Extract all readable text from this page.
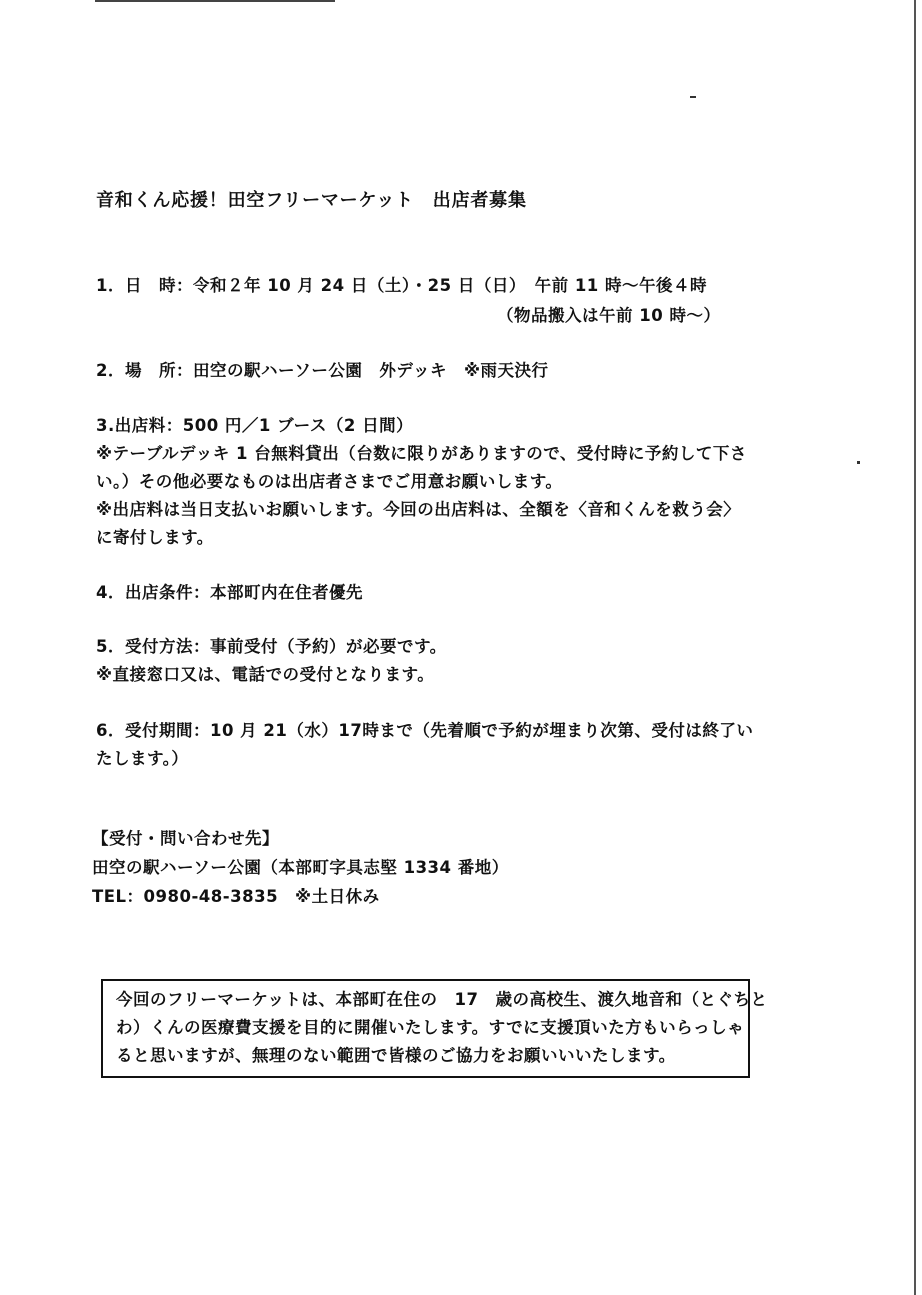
音和くん応援！田空フリーマーケット　出店者募集
1．日　時：令和２年 10 月 24 日（土）・25 日（日）　午前 11 時～午後４時
（物品搬入は午前 10 時～）
2．場　所：田空の駅ハーソー公園　外デッキ　※雨天決行
3.出店料：500 円／1 ブース（2 日間）
※テーブルデッキ 1 台無料貸出（台数に限りがありますので、受付時に予約して下さ
い。）その他必要なものは出店者さまでご用意お願いします。
※出店料は当日支払いお願いします。今回の出店料は、全額を〈音和くんを救う会〉
に寄付します。
4．出店条件：本部町内在住者優先
5．受付方法：事前受付（予約）が必要です。
※直接窓口又は、電話での受付となります。
6．受付期間：10 月 21（水）17時まで（先着順で予約が埋まり次第、受付は終了い
たします。）
【受付・問い合わせ先】
田空の駅ハーソー公園（本部町字具志堅 1334 番地）
TEL：0980-48-3835　※土日休み
今回のフリーマーケットは、本部町在住の　17　歳の高校生、渡久地音和（とぐちと
わ）くんの医療費支援を目的に開催いたします。すでに支援頂いた方もいらっしゃ
ると思いますが、無理のない範囲で皆様のご協力をお願いいいたします。
